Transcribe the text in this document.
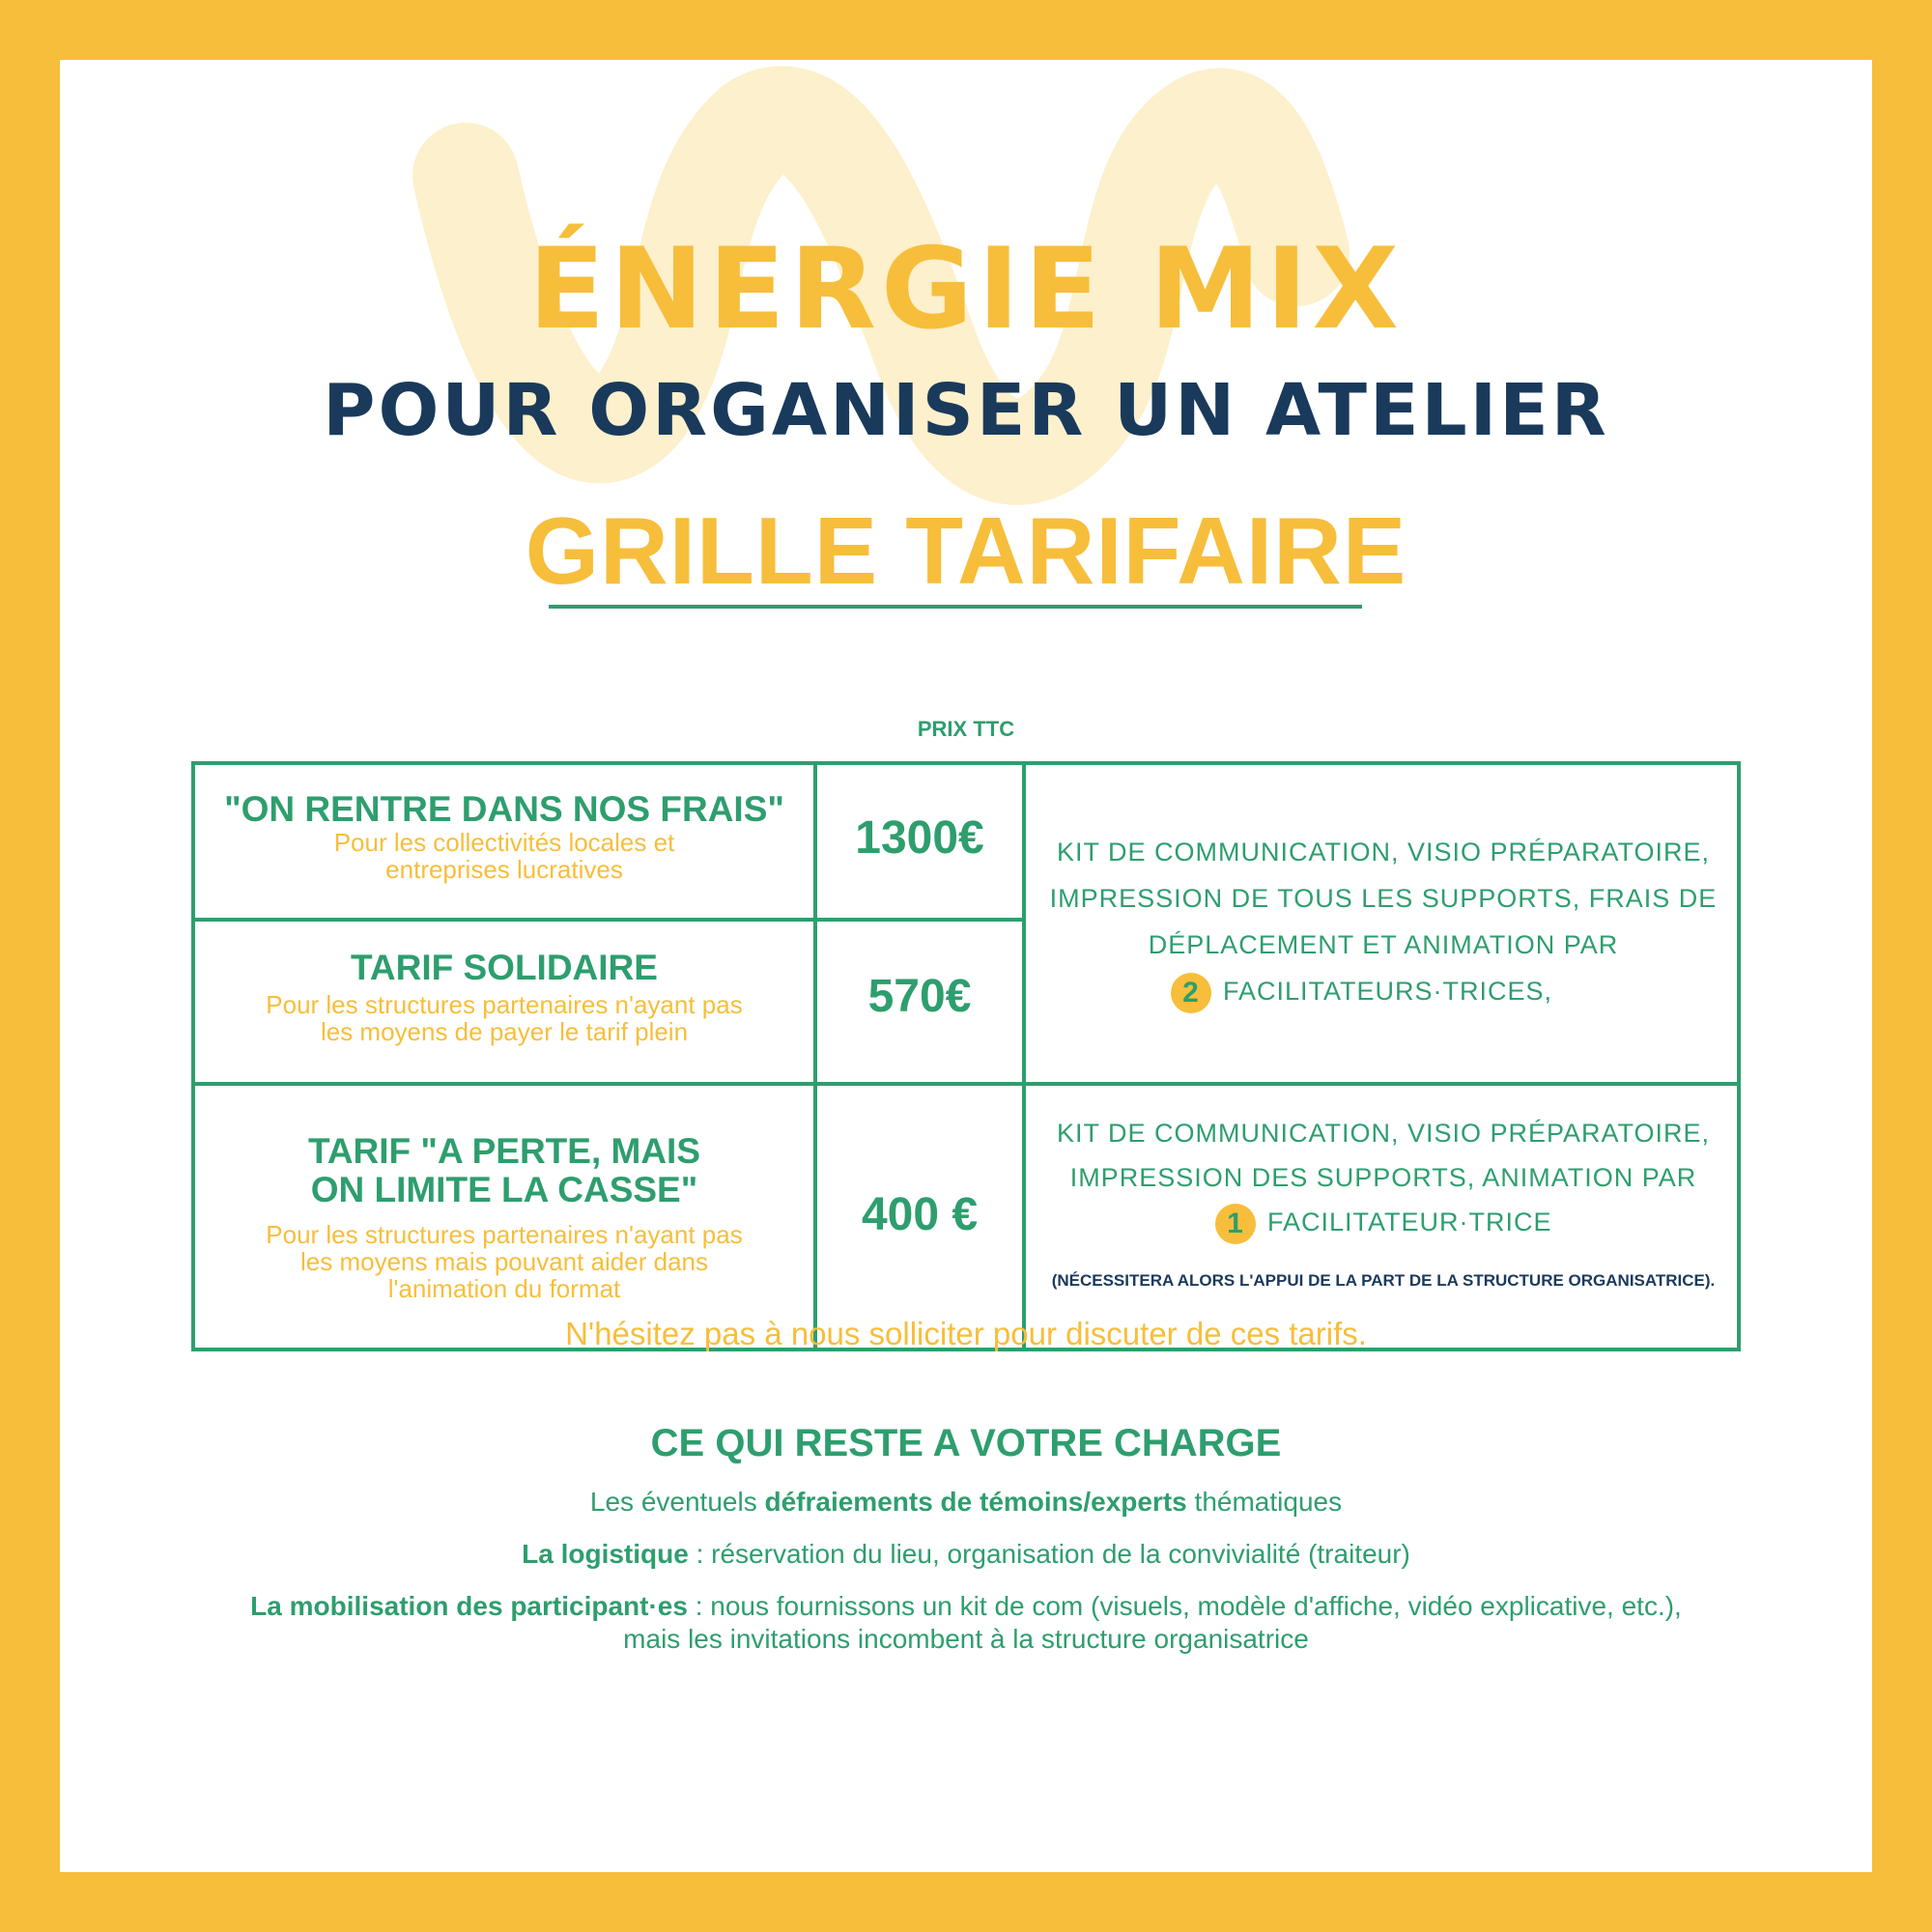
ÉNERGIE MIX
POUR ORGANISER UN ATELIER
GRILLE TARIFAIRE
PRIX TTC
"ON RENTRE DANS NOS FRAIS"
Pour les collectivités locales et
entreprises lucratives
1300€
TARIF SOLIDAIRE
Pour les structures partenaires n'ayant pas
les moyens de payer le tarif plein
570€
KIT DE COMMUNICATION, VISIO PRÉPARATOIRE,
IMPRESSION DE TOUS LES SUPPORTS, FRAIS DE
DÉPLACEMENT ET ANIMATION PAR
2 FACILITATEURS·TRICES,
TARIF "A PERTE, MAIS
ON LIMITE LA CASSE"
Pour les structures partenaires n'ayant pas
les moyens mais pouvant aider dans
l'animation du format
400 €
KIT DE COMMUNICATION, VISIO PRÉPARATOIRE,
IMPRESSION DES SUPPORTS, ANIMATION PAR
1 FACILITATEUR·TRICE
(NÉCESSITERA ALORS L'APPUI DE LA PART DE LA STRUCTURE ORGANISATRICE).
N'hésitez pas à nous solliciter pour discuter de ces tarifs.
CE QUI RESTE A VOTRE CHARGE
Les éventuels défraiements de témoins/experts thématiques
La logistique : réservation du lieu, organisation de la convivialité (traiteur)
La mobilisation des participant·es : nous fournissons un kit de com (visuels, modèle d'affiche, vidéo explicative, etc.),
mais les invitations incombent à la structure organisatrice
